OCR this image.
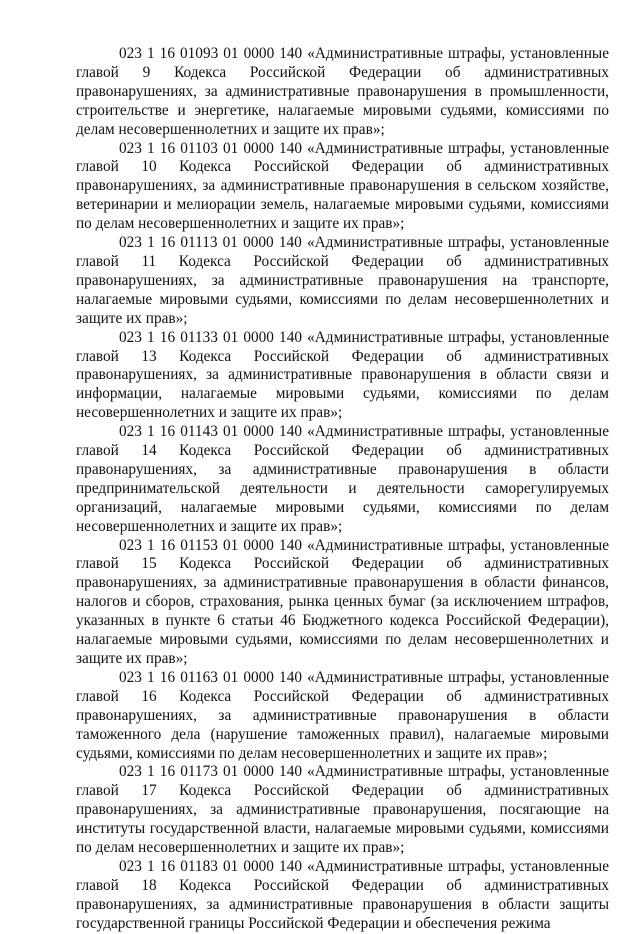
023 1 16 01093 01 0000 140 «Административные штрафы, установленные главой 9 Кодекса Российской Федерации об административных правонарушениях, за административные правонарушения в промышленности, строительстве и энергетике, налагаемые мировыми судьями, комиссиями по делам несовершеннолетних и защите их прав»;

023 1 16 01103 01 0000 140 «Административные штрафы, установленные главой 10 Кодекса Российской Федерации об административных правонарушениях, за административные правонарушения в сельском хозяйстве, ветеринарии и мелиорации земель, налагаемые мировыми судьями, комиссиями по делам несовершеннолетних и защите их прав»;

023 1 16 01113 01 0000 140 «Административные штрафы, установленные главой 11 Кодекса Российской Федерации об административных правонарушениях, за административные правонарушения на транспорте, налагаемые мировыми судьями, комиссиями по делам несовершеннолетних и защите их прав»;

023 1 16 01133 01 0000 140 «Административные штрафы, установленные главой 13 Кодекса Российской Федерации об административных правонарушениях, за административные правонарушения в области связи и информации, налагаемые мировыми судьями, комиссиями по делам несовершеннолетних и защите их прав»;

023 1 16 01143 01 0000 140 «Административные штрафы, установленные главой 14 Кодекса Российской Федерации об административных правонарушениях, за административные правонарушения в области предпринимательской деятельности и деятельности саморегулируемых организаций, налагаемые мировыми судьями, комиссиями по делам несовершеннолетних и защите их прав»;

023 1 16 01153 01 0000 140 «Административные штрафы, установленные главой 15 Кодекса Российской Федерации об административных правонарушениях, за административные правонарушения в области финансов, налогов и сборов, страхования, рынка ценных бумаг (за исключением штрафов, указанных в пункте 6 статьи 46 Бюджетного кодекса Российской Федерации), налагаемые мировыми судьями, комиссиями по делам несовершеннолетних и защите их прав»;

023 1 16 01163 01 0000 140 «Административные штрафы, установленные главой 16 Кодекса Российской Федерации об административных правонарушениях, за административные правонарушения в области таможенного дела (нарушение таможенных правил), налагаемые мировыми судьями, комиссиями по делам несовершеннолетних и защите их прав»;

023 1 16 01173 01 0000 140 «Административные штрафы, установленные главой 17 Кодекса Российской Федерации об административных правонарушениях, за административные правонарушения, посягающие на институты государственной власти, налагаемые мировыми судьями, комиссиями по делам несовершеннолетних и защите их прав»;

023 1 16 01183 01 0000 140 «Административные штрафы, установленные главой 18 Кодекса Российской Федерации об административных правонарушениях, за административные правонарушения в области защиты государственной границы Российской Федерации и обеспечения режима
